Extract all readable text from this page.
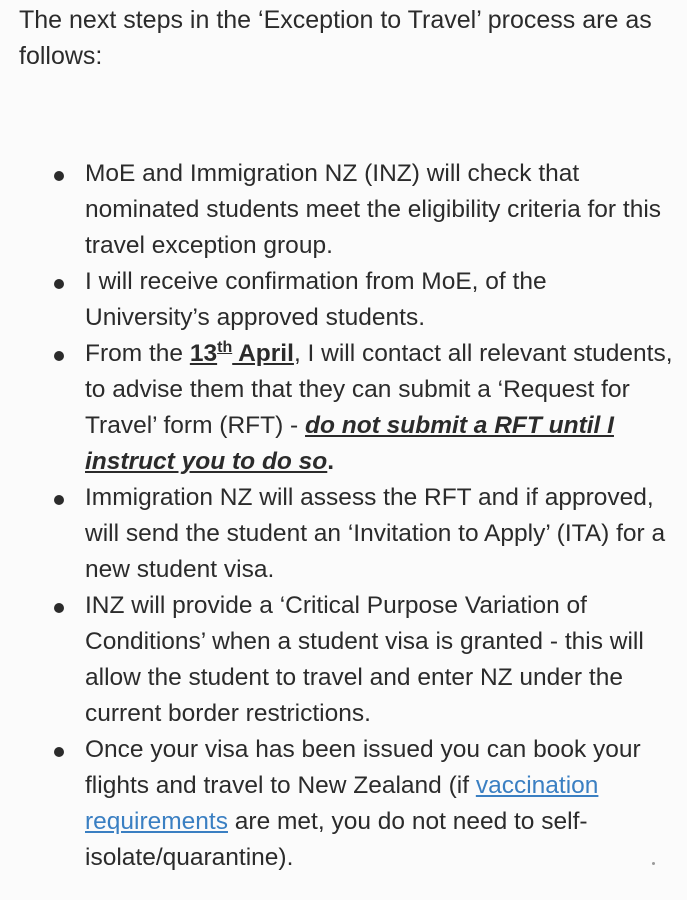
The next steps in the ‘Exception to Travel’ process are as follows:

MoE and Immigration NZ (INZ) will check that nominated students meet the eligibility criteria for this travel exception group.
I will receive confirmation from MoE, of the University’s approved students.
From the 13th April, I will contact all relevant students, to advise them that they can submit a ‘Request for Travel’ form (RFT) - do not submit a RFT until I instruct you to do so.
Immigration NZ will assess the RFT and if approved, will send the student an ‘Invitation to Apply’ (ITA) for a new student visa.
INZ will provide a ‘Critical Purpose Variation of Conditions’ when a student visa is granted - this will allow the student to travel and enter NZ under the current border restrictions.
Once your visa has been issued you can book your flights and travel to New Zealand (if vaccination requirements are met, you do not need to self-isolate/quarantine).
